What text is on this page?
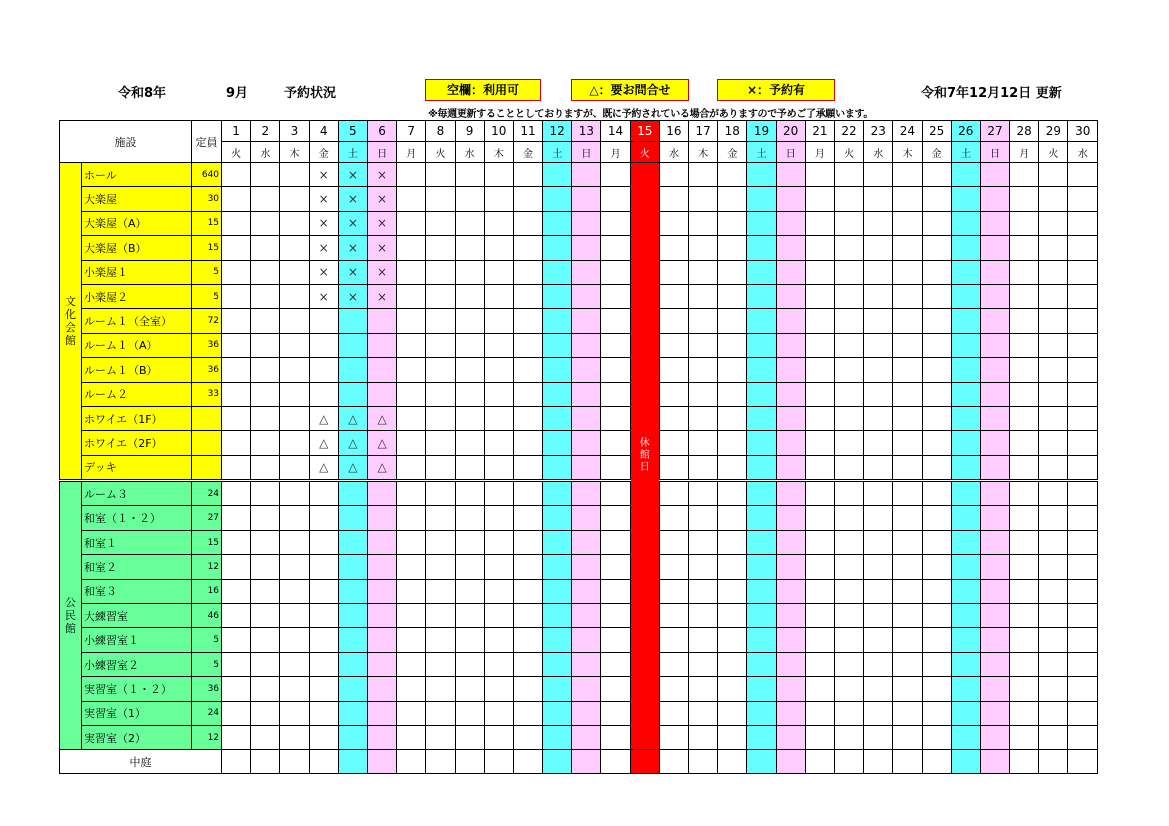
令和8年	9月	予約状況	空欄：利用可	△：要お問合せ	×：予約有	令和7年12月12日 更新
※毎週更新することとしておりますが、既に予約されている場合がありますので予めご了承願います。
施設		定員	1	2	3	4	5	6	7	8	9	10	11	12	13	14	15	16	17	18	19	20	21	22	23	24	25	26	27	28	29	30
			火	水	木	金	土	日	月	火	水	木	金	土	日	月	火	水	木	金	土	日	月	火	水	木	金	土	日	月	火	水
文化会館	ホール	640				×	×	×									休館日															

	大楽屋	30				×	×	×																								
	大楽屋（A）	15				×	×	×																								
	大楽屋（B）	15				×	×	×																								
	小楽屋１	5				×	×	×																								
	小楽屋２	5				×	×	×																								
	ルーム１（全室）	72																														
	ルーム１（A）	36																														
	ルーム１（B）	36																														
	ルーム２	33																														
	ホワイエ（1F）					△	△	△																								
	ホワイエ（2F）					△	△	△																								
	デッキ					△	△	△																								
公民館	ルーム３	24																														
	和室（１・２）	27																														
	和室１	15																														
	和室２	12																														
	和室３	16																														
	大練習室	46																														
	小練習室１	5																														
	小練習室２	5																														
	実習室（１・２）	36																														
	実習室（1）	24																														
	実習室（2）	12																														
中庭																																
